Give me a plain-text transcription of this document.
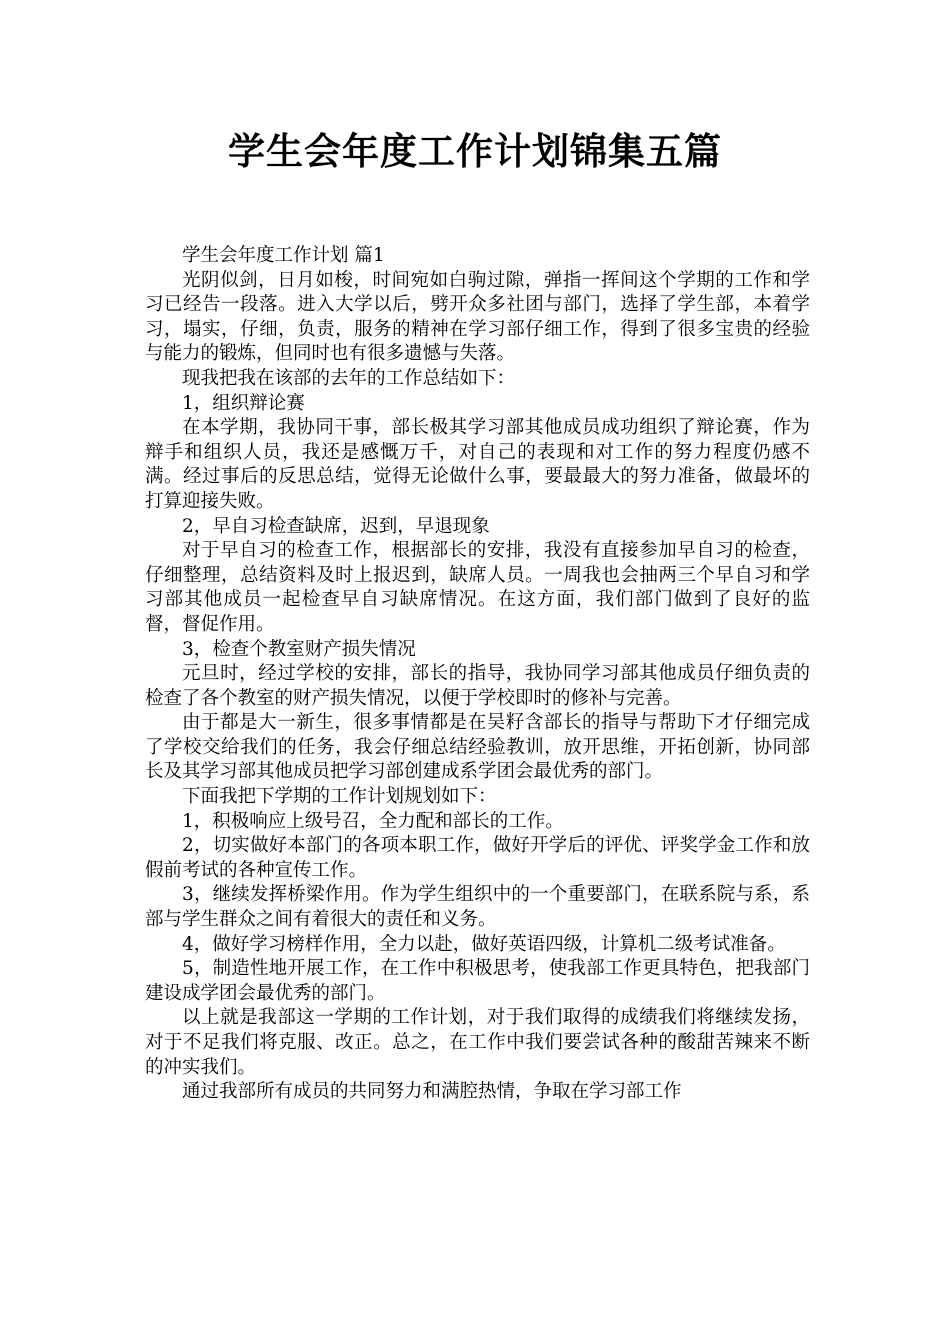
学生会年度工作计划锦集五篇

学生会年度工作计划 篇1

光阴似剑，日月如梭，时间宛如白驹过隙，弹指一挥间这个学期的工作和学习已经告一段落。进入大学以后，劈开众多社团与部门，选择了学生部，本着学习，塌实，仔细，负责，服务的精神在学习部仔细工作，得到了很多宝贵的经验与能力的锻炼，但同时也有很多遗憾与失落。

现我把我在该部的去年的工作总结如下：

1，组织辩论赛

在本学期，我协同干事，部长极其学习部其他成员成功组织了辩论赛，作为辩手和组织人员，我还是感慨万千，对自己的表现和对工作的努力程度仍感不满。经过事后的反思总结，觉得无论做什么事，要最最大的努力准备，做最坏的打算迎接失败。

2，早自习检查缺席，迟到，早退现象

对于早自习的检查工作，根据部长的安排，我没有直接参加早自习的检查，仔细整理，总结资料及时上报迟到，缺席人员。一周我也会抽两三个早自习和学习部其他成员一起检查早自习缺席情况。在这方面，我们部门做到了良好的监督，督促作用。

3，检查个教室财产损失情况

元旦时，经过学校的安排，部长的指导，我协同学习部其他成员仔细负责的检查了各个教室的财产损失情况，以便于学校即时的修补与完善。

由于都是大一新生，很多事情都是在吴籽含部长的指导与帮助下才仔细完成了学校交给我们的任务，我会仔细总结经验教训，放开思维，开拓创新，协同部长及其学习部其他成员把学习部创建成系学团会最优秀的部门。

下面我把下学期的工作计划规划如下：

1，积极响应上级号召，全力配和部长的工作。

2，切实做好本部门的各项本职工作，做好开学后的评优、评奖学金工作和放假前考试的各种宣传工作。

3，继续发挥桥梁作用。作为学生组织中的一个重要部门，在联系院与系，系部与学生群众之间有着很大的责任和义务。

4，做好学习榜样作用，全力以赴，做好英语四级，计算机二级考试准备。

5，制造性地开展工作，在工作中积极思考，使我部工作更具特色，把我部门建设成学团会最优秀的部门。

以上就是我部这一学期的工作计划，对于我们取得的成绩我们将继续发扬，对于不足我们将克服、改正。总之，在工作中我们要尝试各种的酸甜苦辣来不断的冲实我们。

通过我部所有成员的共同努力和满腔热情，争取在学习部工作
